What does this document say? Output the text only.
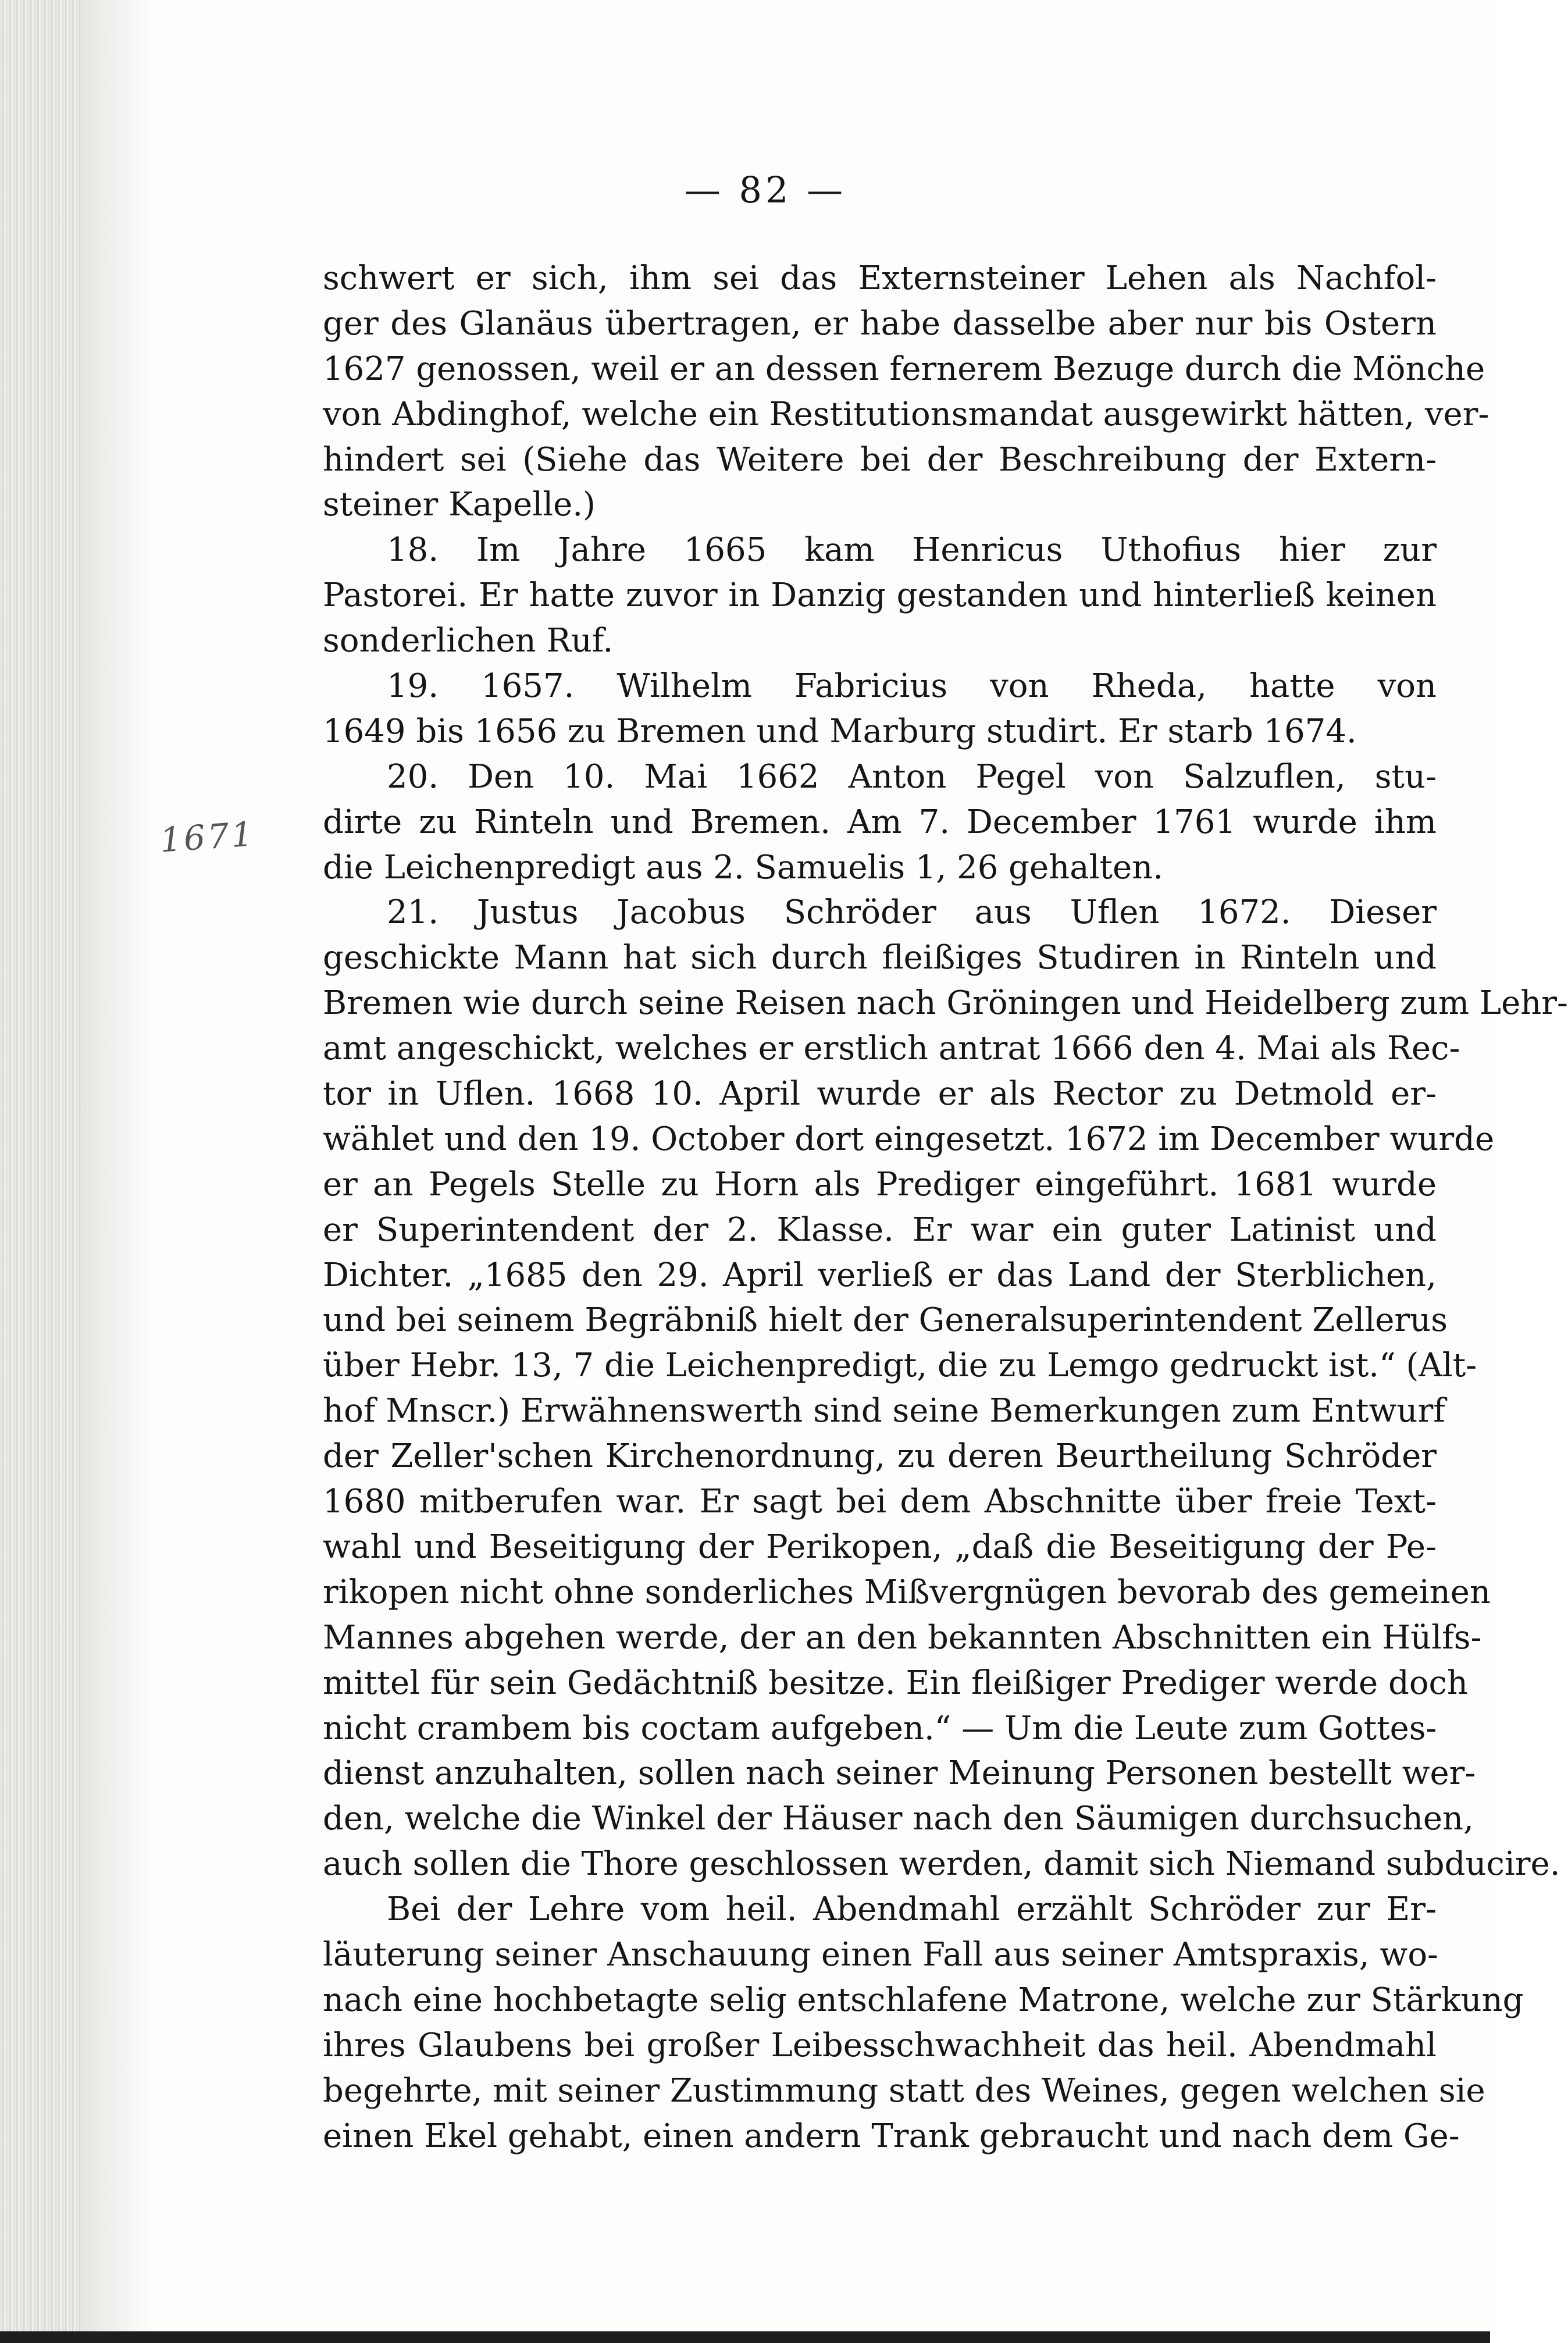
— 82 —
1671
schwert er sich, ihm sei das Externsteiner Lehen als Nachfol-
ger des Glanäus übertragen, er habe dasselbe aber nur bis Ostern
1627 genossen, weil er an dessen fernerem Bezuge durch die Mönche
von Abdinghof, welche ein Restitutionsmandat ausgewirkt hätten, ver-
hindert sei (Siehe das Weitere bei der Beschreibung der Extern-
steiner Kapelle.)
18. Im Jahre 1665 kam Henricus Uthofius hier zur
Pastorei. Er hatte zuvor in Danzig gestanden und hinterließ keinen
sonderlichen Ruf.
19. 1657. Wilhelm Fabricius von Rheda, hatte von
1649 bis 1656 zu Bremen und Marburg studirt. Er starb 1674.
20. Den 10. Mai 1662 Anton Pegel von Salzuflen, stu-
dirte zu Rinteln und Bremen. Am 7. December 1761 wurde ihm
die Leichenpredigt aus 2. Samuelis 1, 26 gehalten.
21. Justus Jacobus Schröder aus Uflen 1672. Dieser
geschickte Mann hat sich durch fleißiges Studiren in Rinteln und
Bremen wie durch seine Reisen nach Gröningen und Heidelberg zum Lehr-
amt angeschickt, welches er erstlich antrat 1666 den 4. Mai als Rec-
tor in Uflen. 1668 10. April wurde er als Rector zu Detmold er-
wählet und den 19. October dort eingesetzt. 1672 im December wurde
er an Pegels Stelle zu Horn als Prediger eingeführt. 1681 wurde
er Superintendent der 2. Klasse. Er war ein guter Latinist und
Dichter. „1685 den 29. April verließ er das Land der Sterblichen,
und bei seinem Begräbniß hielt der Generalsuperintendent Zellerus
über Hebr. 13, 7 die Leichenpredigt, die zu Lemgo gedruckt ist.“ (Alt-
hof Mnscr.) Erwähnenswerth sind seine Bemerkungen zum Entwurf
der Zeller'schen Kirchenordnung, zu deren Beurtheilung Schröder
1680 mitberufen war. Er sagt bei dem Abschnitte über freie Text-
wahl und Beseitigung der Perikopen, „daß die Beseitigung der Pe-
rikopen nicht ohne sonderliches Mißvergnügen bevorab des gemeinen
Mannes abgehen werde, der an den bekannten Abschnitten ein Hülfs-
mittel für sein Gedächtniß besitze. Ein fleißiger Prediger werde doch
nicht crambem bis coctam aufgeben.“ — Um die Leute zum Gottes-
dienst anzuhalten, sollen nach seiner Meinung Personen bestellt wer-
den, welche die Winkel der Häuser nach den Säumigen durchsuchen,
auch sollen die Thore geschlossen werden, damit sich Niemand subducire.
Bei der Lehre vom heil. Abendmahl erzählt Schröder zur Er-
läuterung seiner Anschauung einen Fall aus seiner Amtspraxis, wo-
nach eine hochbetagte selig entschlafene Matrone, welche zur Stärkung
ihres Glaubens bei großer Leibesschwachheit das heil. Abendmahl
begehrte, mit seiner Zustimmung statt des Weines, gegen welchen sie
einen Ekel gehabt, einen andern Trank gebraucht und nach dem Ge-
